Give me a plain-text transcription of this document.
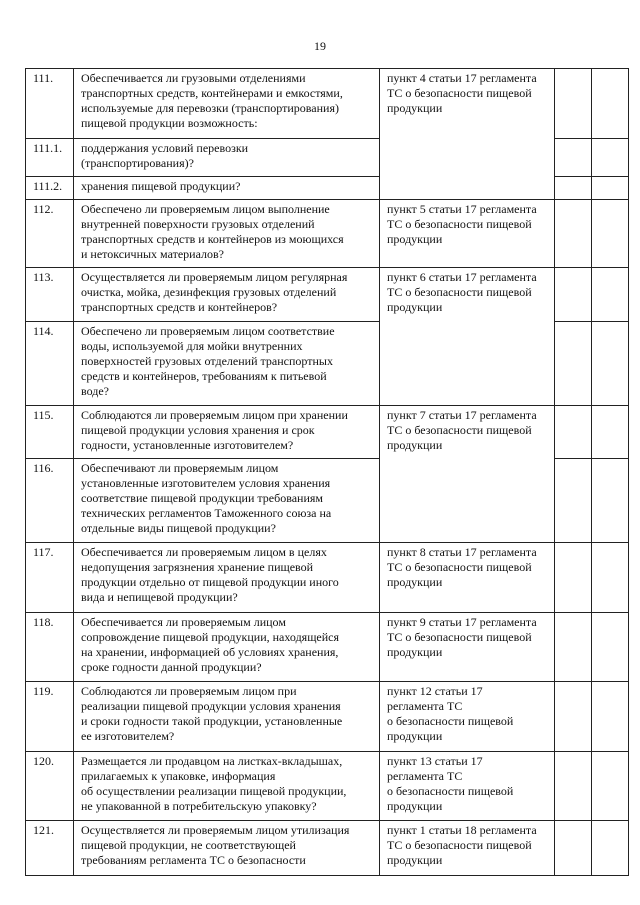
19
111.	Обеспечивается ли грузовыми отделениями
транспортных средств, контейнерами и емкостями,
используемые для перевозки (транспортирования)
пищевой продукции возможность:	пункт 4 статьи 17 регламента
ТС о безопасности пищевой
продукции		

111.1.	поддержания условий перевозки
(транспортирования)?			

111.2.	хранения пищевой продукции?			

112.	Обеспечено ли проверяемым лицом выполнение
внутренней поверхности грузовых отделений
транспортных средств и контейнеров из моющихся
и нетоксичных материалов?	пункт 5 статьи 17 регламента
ТС о безопасности пищевой
продукции		

113.	Осуществляется ли проверяемым лицом регулярная
очистка, мойка, дезинфекция грузовых отделений
транспортных средств и контейнеров?	пункт 6 статьи 17 регламента
ТС о безопасности пищевой
продукции		

114.	Обеспечено ли проверяемым лицом соответствие
воды, используемой для мойки внутренних
поверхностей грузовых отделений транспортных
средств и контейнеров, требованиям к питьевой
воде?			

115.	Соблюдаются ли проверяемым лицом при хранении
пищевой продукции условия хранения и срок
годности, установленные изготовителем?	пункт 7 статьи 17 регламента
ТС о безопасности пищевой
продукции		

116.	Обеспечивают ли проверяемым лицом
установленные изготовителем условия хранения
соответствие пищевой продукции требованиям
технических регламентов Таможенного союза на
отдельные виды пищевой продукции?			

117.	Обеспечивается ли проверяемым лицом в целях
недопущения загрязнения хранение пищевой
продукции отдельно от пищевой продукции иного
вида и непищевой продукции?	пункт 8 статьи 17 регламента
ТС о безопасности пищевой
продукции		

118.	Обеспечивается ли проверяемым лицом
сопровождение пищевой продукции, находящейся
на хранении, информацией об условиях хранения,
сроке годности данной продукции?	пункт 9 статьи 17 регламента
ТС о безопасности пищевой
продукции		

119.	Соблюдаются ли проверяемым лицом при
реализации пищевой продукции условия хранения
и сроки годности такой продукции, установленные
ее изготовителем?	пункт 12 статьи 17
регламента ТС
о безопасности пищевой
продукции		

120.	Размещается ли продавцом на листках-вкладышах,
прилагаемых к упаковке, информация
об осуществлении реализации пищевой продукции,
не упакованной в потребительскую упаковку?	пункт 13 статьи 17
регламента ТС
о безопасности пищевой
продукции		

121.	Осуществляется ли проверяемым лицом утилизация
пищевой продукции, не соответствующей
требованиям регламента ТС о безопасности	пункт 1 статьи 18 регламента
ТС о безопасности пищевой
продукции		
